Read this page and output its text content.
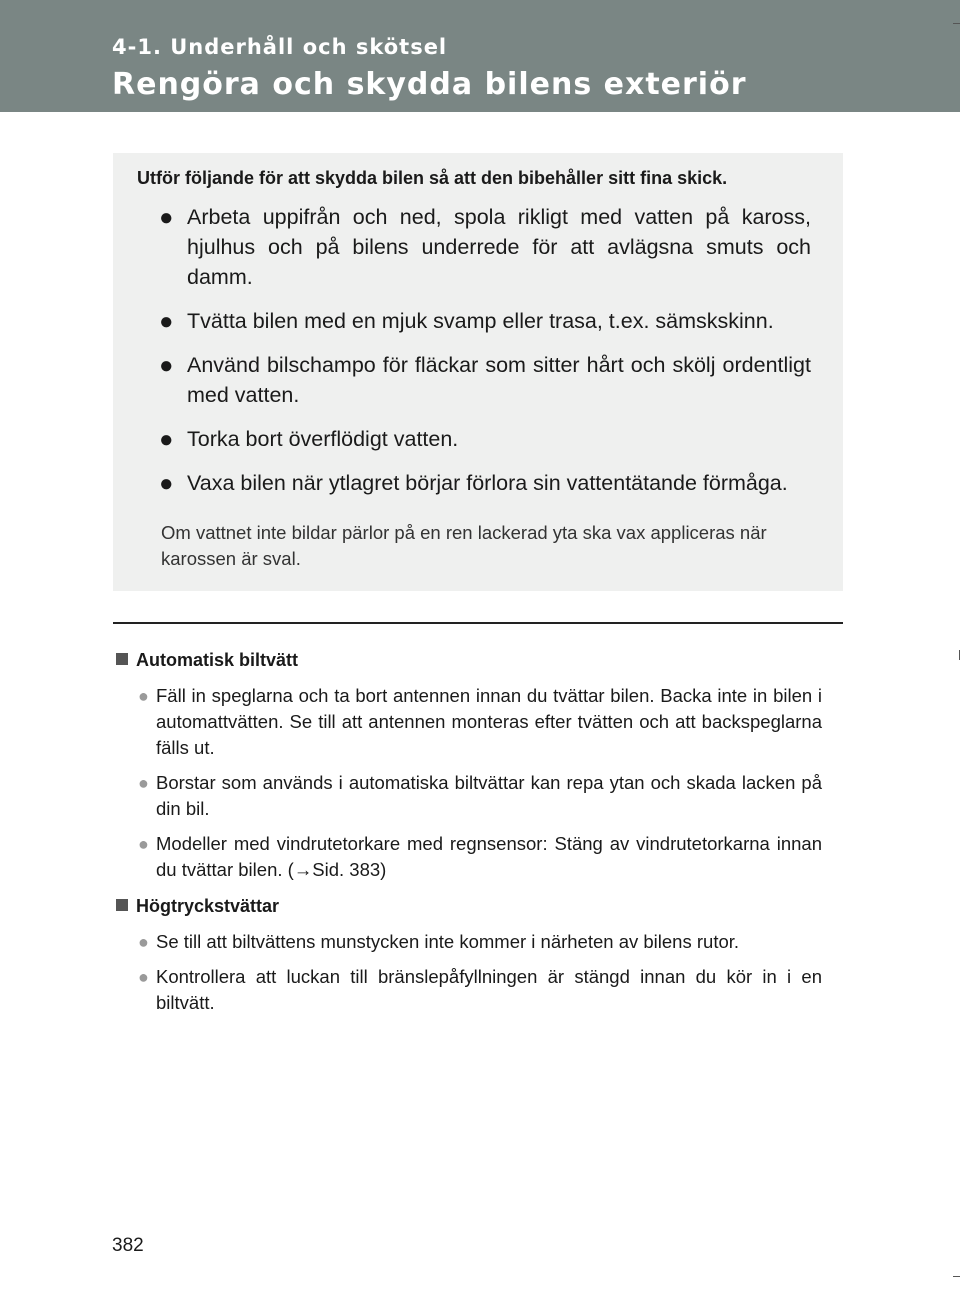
4-1. Underhåll och skötsel

Rengöra och skydda bilens exteriör

Utför följande för att skydda bilen så att den bibehåller sitt fina skick.

● Arbeta uppifrån och ned, spola rikligt med vatten på kaross, hjulhus och på bilens underrede för att avlägsna smuts och damm.
● Tvätta bilen med en mjuk svamp eller trasa, t.ex. sämskskinn.
● Använd bilschampo för fläckar som sitter hårt och skölj ordentligt med vatten.
● Torka bort överflödigt vatten.
● Vaxa bilen när ytlagret börjar förlora sin vattentätande förmåga.

Om vattnet inte bildar pärlor på en ren lackerad yta ska vax appliceras när karossen är sval.

Automatisk biltvätt
● Fäll in speglarna och ta bort antennen innan du tvättar bilen. Backa inte in bilen i automattvätten. Se till att antennen monteras efter tvätten och att backspeglarna fälls ut.
● Borstar som används i automatiska biltvättar kan repa ytan och skada lacken på din bil.
● Modeller med vindrutetorkare med regnsensor: Stäng av vindrutetorkarna innan du tvättar bilen. (→Sid. 383)
Högtryckstvättar
● Se till att biltvättens munstycken inte kommer i närheten av bilens rutor.
● Kontrollera att luckan till bränslepåfyllningen är stängd innan du kör in i en biltvätt.
382
